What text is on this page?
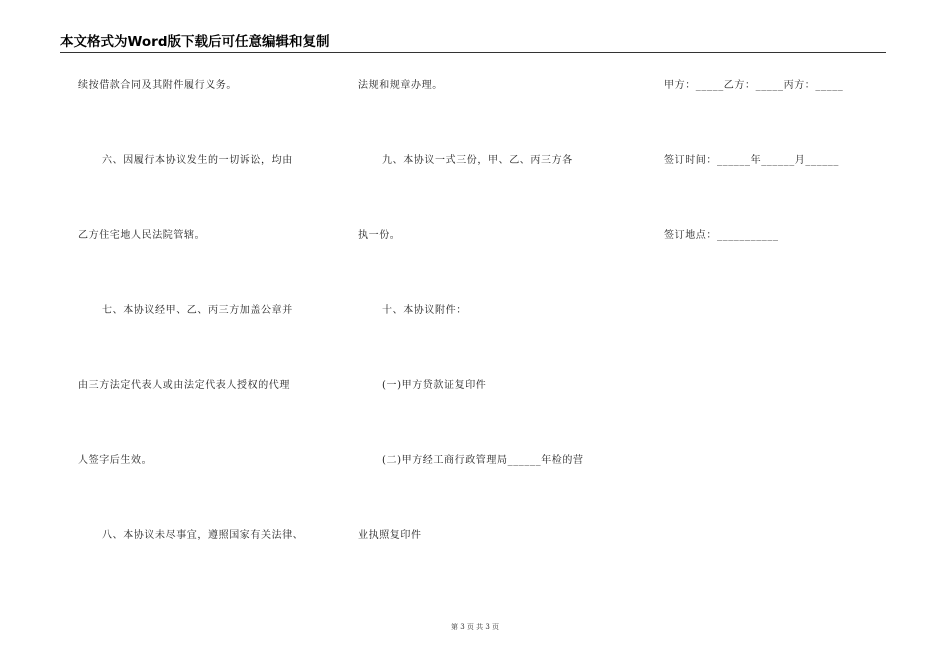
本文格式为Word版下载后可任意编辑和复制
续按借款合同及其附件履行义务。
六、因履行本协议发生的一切诉讼，均由
乙方住宅地人民法院管辖。
七、本协议经甲、乙、丙三方加盖公章并
由三方法定代表人或由法定代表人授权的代理
人签字后生效。
八、本协议未尽事宜，遵照国家有关法律、
法规和规章办理。
九、本协议一式三份，甲、乙、丙三方各
执一份。
十、本协议附件：
(一)甲方贷款证复印件
(二)甲方经工商行政管理局______年检的营
业执照复印件
甲方：_____乙方：_____丙方：_____
签订时间：______年______月______
签订地点：___________
第 3 页 共 3 页
